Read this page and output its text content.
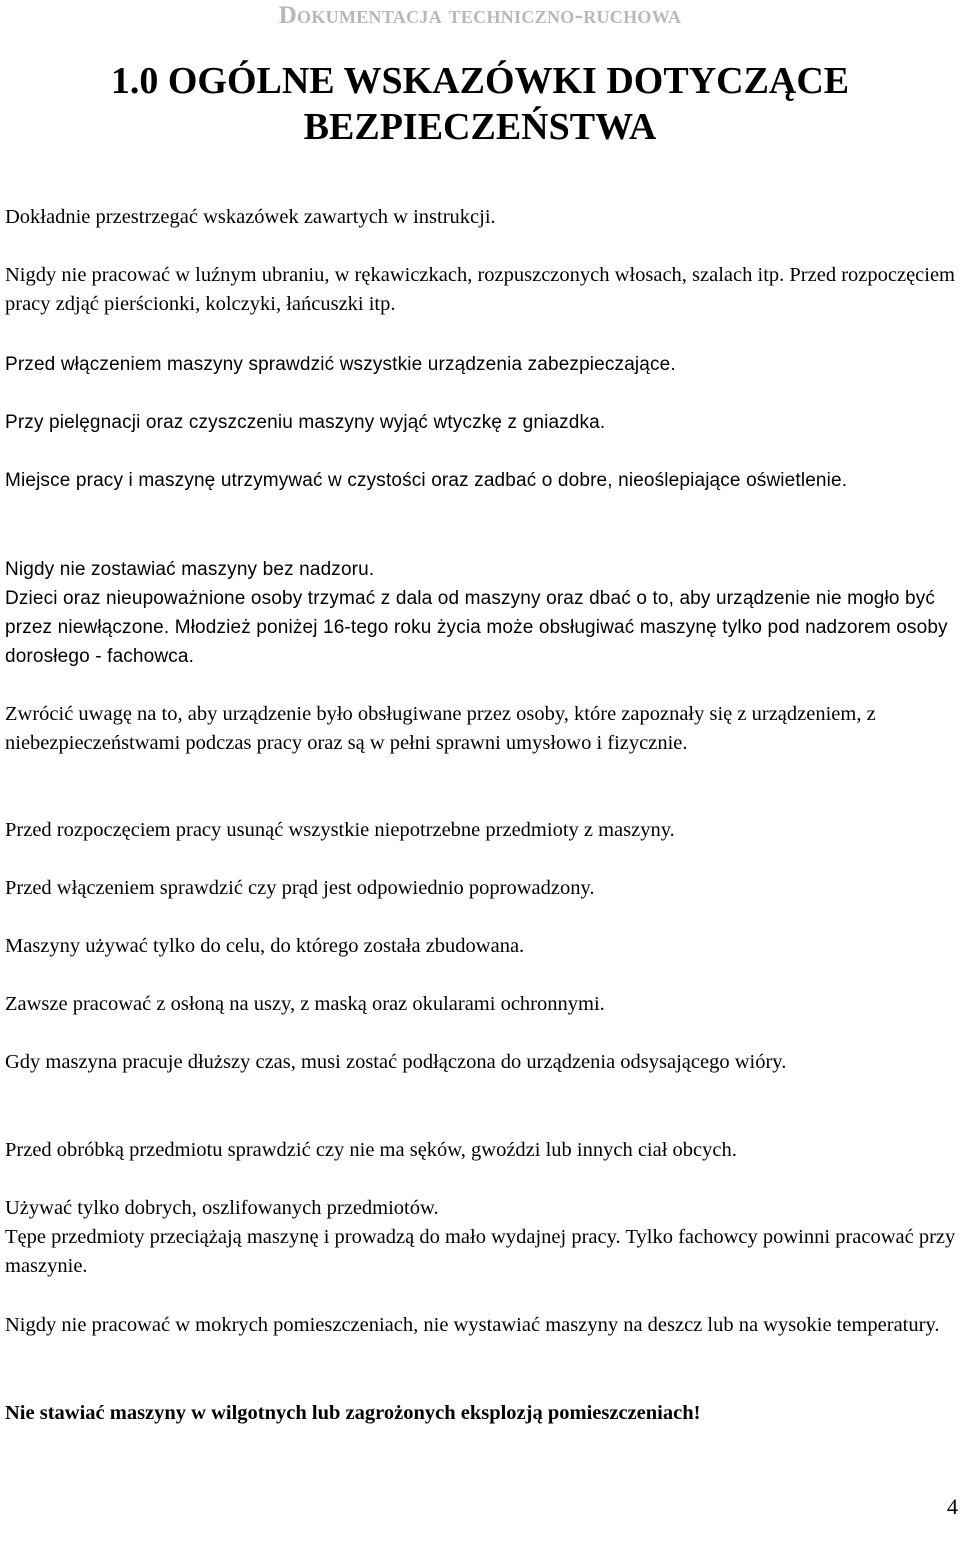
Dokumentacja techniczno-ruchowa
1.0 OGÓLNE WSKAZÓWKI DOTYCZĄCE
BEZPIECZEŃSTWA

Dokładnie przestrzegać wskazówek zawartych w instrukcji.

Nigdy nie pracować w luźnym ubraniu, w rękawiczkach, rozpuszczonych włosach, szalach itp. Przed rozpoczęciem pracy zdjąć pierścionki, kolczyki, łańcuszki itp.

Przed włączeniem maszyny sprawdzić wszystkie urządzenia zabezpieczające.

Przy pielęgnacji oraz czyszczeniu maszyny wyjąć wtyczkę z gniazdka.

Miejsce pracy i maszynę utrzymywać w czystości oraz zadbać o dobre, nieoślepiające oświetlenie.

Nigdy nie zostawiać maszyny bez nadzoru.

Dzieci oraz nieupoważnione osoby trzymać z dala od maszyny oraz dbać o to, aby urządzenie nie mogło być przez niewłączone. Młodzież poniżej 16-tego roku życia może obsługiwać maszynę tylko pod nadzorem osoby dorosłego - fachowca.

Zwrócić uwagę na to, aby urządzenie było obsługiwane przez osoby, które zapoznały się z urządzeniem, z niebezpieczeństwami podczas pracy oraz są w pełni sprawni umysłowo i fizycznie.

Przed rozpoczęciem pracy usunąć wszystkie niepotrzebne przedmioty z maszyny.

Przed włączeniem sprawdzić czy prąd jest odpowiednio poprowadzony.

Maszyny używać tylko do celu, do którego została zbudowana.

Zawsze pracować z osłoną na uszy, z maską oraz okularami ochronnymi.

Gdy maszyna pracuje dłuższy czas, musi zostać podłączona do urządzenia odsysającego wióry.

Przed obróbką przedmiotu sprawdzić czy nie ma sęków, gwoździ lub innych ciał obcych.

Używać tylko dobrych, oszlifowanych przedmiotów.

Tępe przedmioty przeciążają maszynę i prowadzą do mało wydajnej pracy. Tylko fachowcy powinni pracować przy maszynie.

Nigdy nie pracować w mokrych pomieszczeniach, nie wystawiać maszyny na deszcz lub na wysokie temperatury.

Nie stawiać maszyny w wilgotnych lub zagrożonych eksplozją pomieszczeniach!

4
